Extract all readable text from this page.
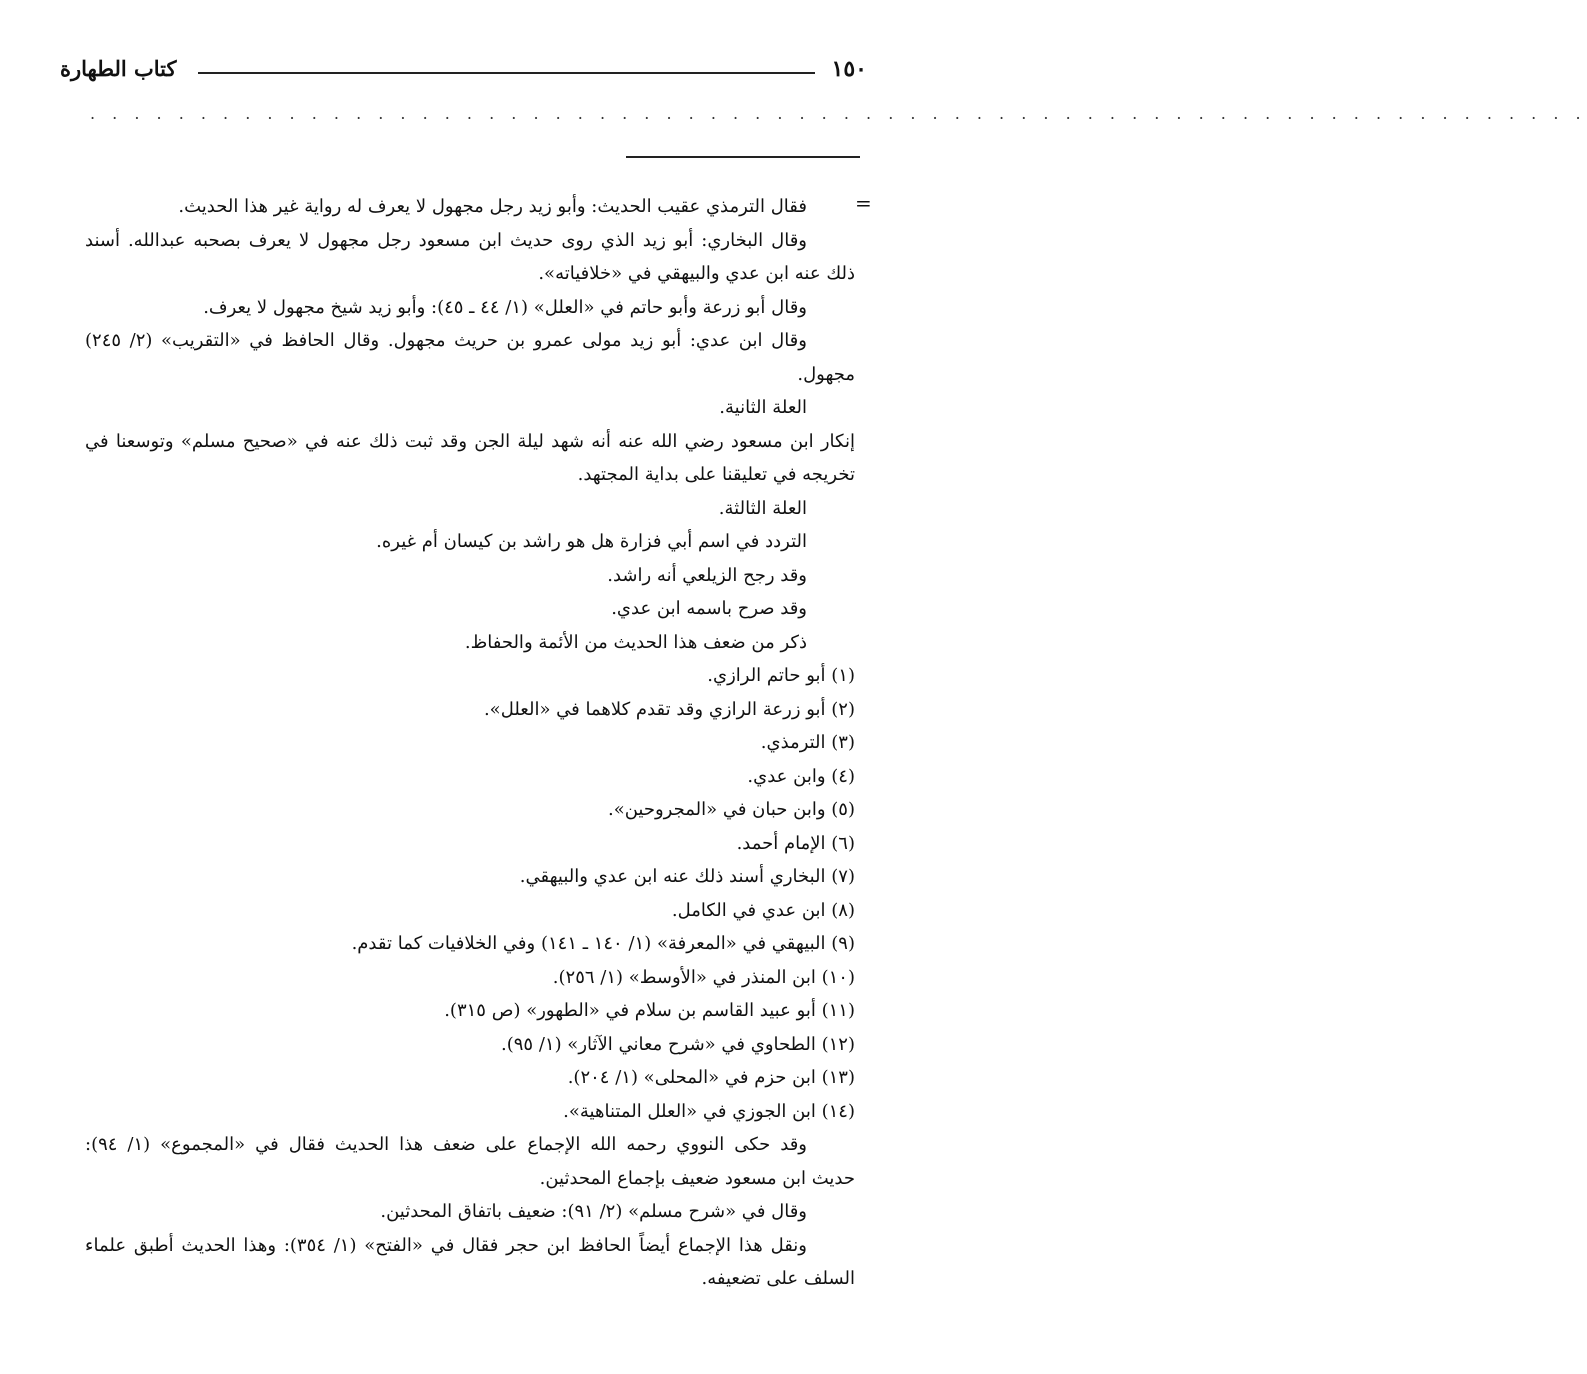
١٥٠
كتاب الطهارة
. . . . . . . . . . . . . . . . . . . . . . . . . . . . . . . . . . . . . . . . . . . . . . . . . . . . . . . . . . . . . . . . . . . .
=
فقال الترمذي عقيب الحديث: وأبو زيد رجل مجهول لا يعرف له رواية غير هذا الحديث.
وقال البخاري: أبو زيد الذي روى حديث ابن مسعود رجل مجهول لا يعرف بصحبه عبدالله. أسند
ذلك عنه ابن عدي والبيهقي في «خلافياته».
وقال أبو زرعة وأبو حاتم في «العلل» (١/ ٤٤ ـ ٤٥): وأبو زيد شيخ مجهول لا يعرف.
وقال ابن عدي: أبو زيد مولى عمرو بن حريث مجهول. وقال الحافظ في «التقريب» (٢/ ٢٤٥)
مجهول.
العلة الثانية.
إنكار ابن مسعود رضي الله عنه أنه شهد ليلة الجن وقد ثبت ذلك عنه في «صحيح مسلم» وتوسعنا في
تخريجه في تعليقنا على بداية المجتهد.
العلة الثالثة.
التردد في اسم أبي فزارة هل هو راشد بن كيسان أم غيره.
وقد رجح الزيلعي أنه راشد.
وقد صرح باسمه ابن عدي.
ذكر من ضعف هذا الحديث من الأئمة والحفاظ.
(١) أبو حاتم الرازي.
(٢) أبو زرعة الرازي وقد تقدم كلاهما في «العلل».
(٣) الترمذي.
(٤) وابن عدي.
(٥) وابن حبان في «المجروحين».
(٦) الإمام أحمد.
(٧) البخاري أسند ذلك عنه ابن عدي والبيهقي.
(٨) ابن عدي في الكامل.
(٩) البيهقي في «المعرفة» (١/ ١٤٠ ـ ١٤١) وفي الخلافيات كما تقدم.
(١٠) ابن المنذر في «الأوسط» (١/ ٢٥٦).
(١١) أبو عبيد القاسم بن سلام في «الطهور» (ص ٣١٥).
(١٢) الطحاوي في «شرح معاني الآثار» (١/ ٩٥).
(١٣) ابن حزم في «المحلى» (١/ ٢٠٤).
(١٤) ابن الجوزي في «العلل المتناهية».
وقد حكى النووي رحمه الله الإجماع على ضعف هذا الحديث فقال في «المجموع» (١/ ٩٤):
حديث ابن مسعود ضعيف بإجماع المحدثين.
وقال في «شرح مسلم» (٢/ ٩١): ضعيف باتفاق المحدثين.
ونقل هذا الإجماع أيضاً الحافظ ابن حجر فقال في «الفتح» (١/ ٣٥٤): وهذا الحديث أطبق علماء
السلف على تضعيفه.
